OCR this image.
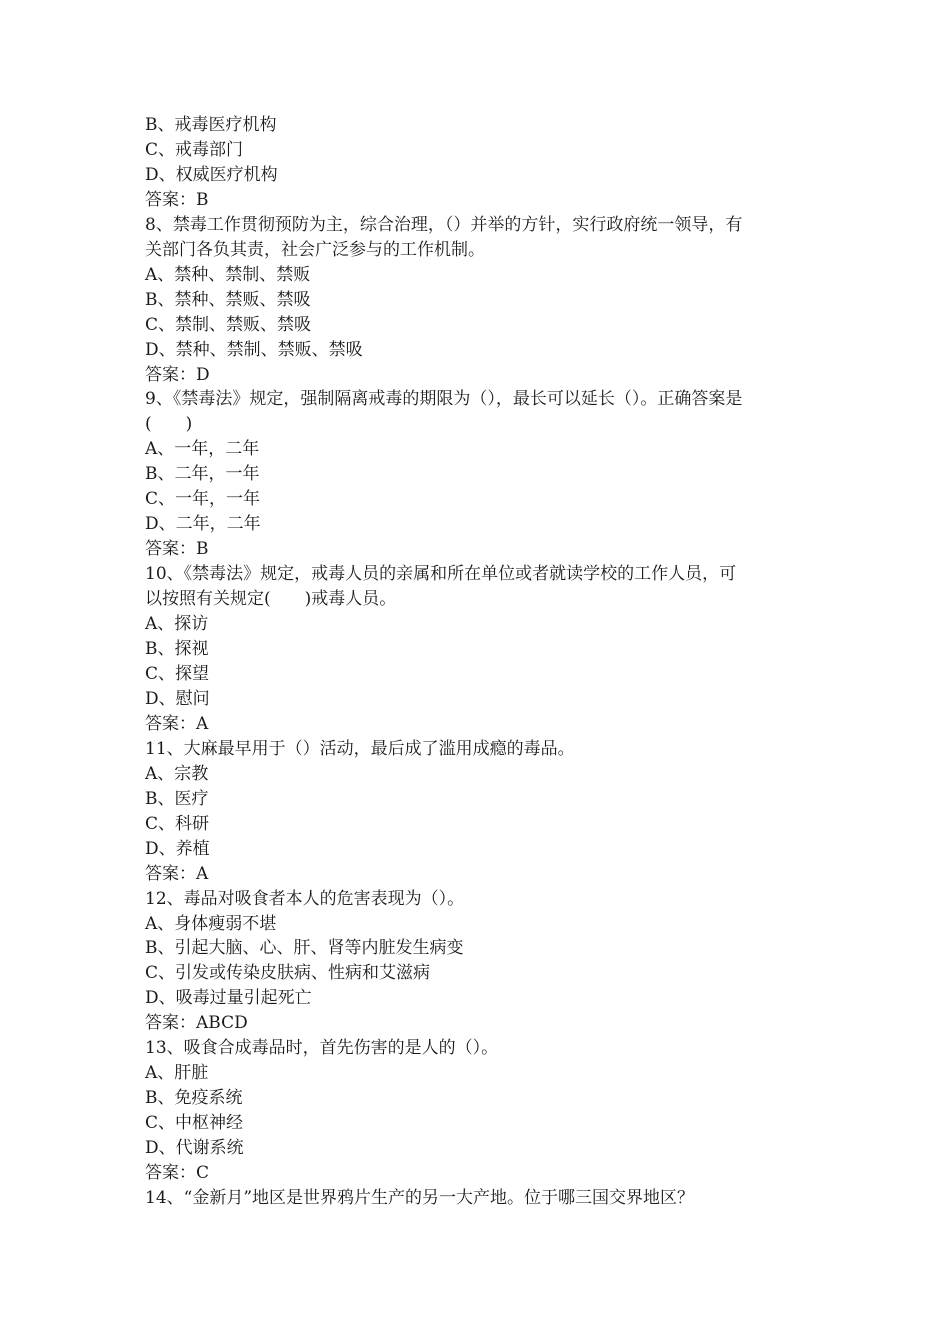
B、戒毒医疗机构
C、戒毒部门
D、权威医疗机构
答案：B
8、禁毒工作贯彻预防为主，综合治理，（）并举的方针，实行政府统一领导，有
关部门各负其责，社会广泛参与的工作机制。
A、禁种、禁制、禁贩
B、禁种、禁贩、禁吸
C、禁制、禁贩、禁吸
D、禁种、禁制、禁贩、禁吸
答案：D
9、《禁毒法》规定，强制隔离戒毒的期限为（），最长可以延长（）。正确答案是
(　　)
A、一年，二年
B、二年，一年
C、一年，一年
D、二年，二年
答案：B
10、《禁毒法》规定，戒毒人员的亲属和所在单位或者就读学校的工作人员，可
以按照有关规定(　　)戒毒人员。
A、探访
B、探视
C、探望
D、慰问
答案：A
11、大麻最早用于（）活动，最后成了滥用成瘾的毒品。
A、宗教
B、医疗
C、科研
D、养植
答案：A
12、毒品对吸食者本人的危害表现为（）。
A、身体瘦弱不堪
B、引起大脑、心、肝、肾等内脏发生病变
C、引发或传染皮肤病、性病和艾滋病
D、吸毒过量引起死亡
答案：ABCD
13、吸食合成毒品时，首先伤害的是人的（）。
A、肝脏
B、免疫系统
C、中枢神经
D、代谢系统
答案：C
14、“金新月”地区是世界鸦片生产的另一大产地。位于哪三国交界地区？
